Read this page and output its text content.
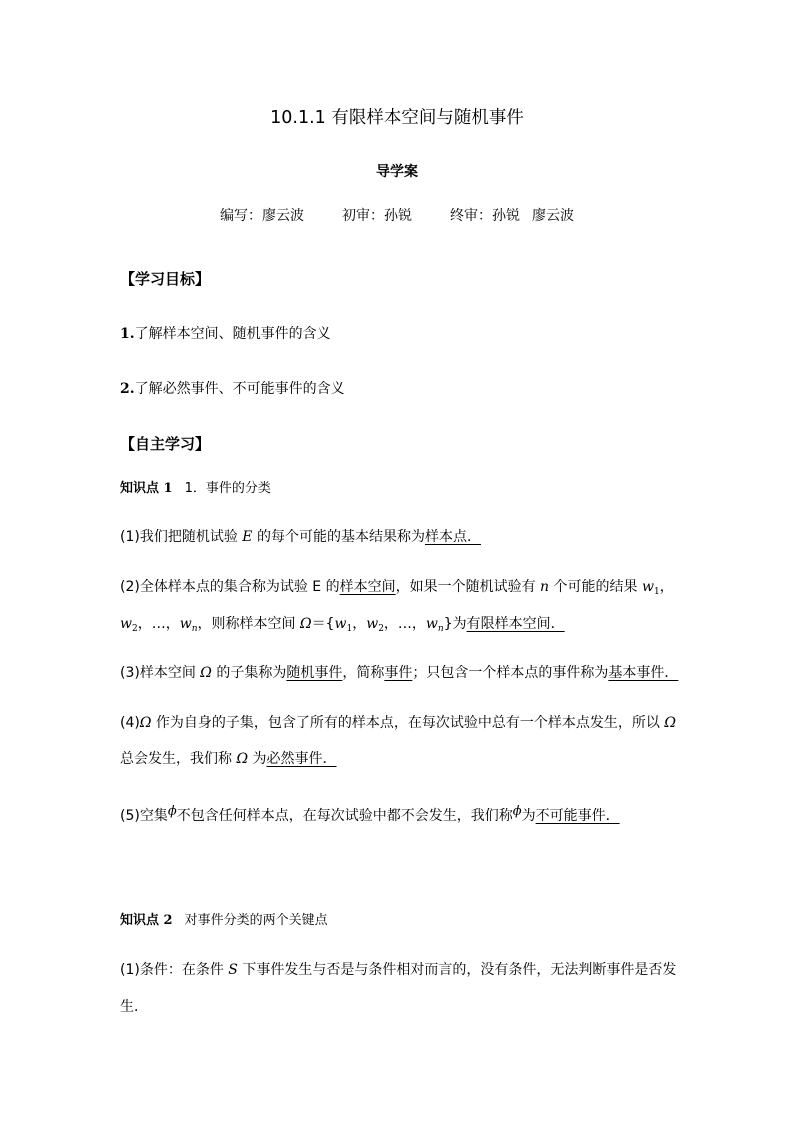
10.1.1 有限样本空间与随机事件
导学案
编写：廖云波	初审：孙锐	终审：孙锐 廖云波
【学习目标】
1.了解样本空间、随机事件的含义
2.了解必然事件、不可能事件的含义
【自主学习】
知识点 1 1．事件的分类
(1)我们把随机试验 E 的每个可能的基本结果称为样本点．
(2)全体样本点的集合称为试验 E 的样本空间，如果一个随机试验有 n 个可能的结果 $w_1$，
$w_2$，…，$w_n$，则称样本空间 $\Omega=\{w_1$，$w_2$，…，$w_n$}为有限样本空间．
(3)样本空间 Ω 的子集称为随机事件，简称事件；只包含一个样本点的事件称为基本事件．
(4)Ω 作为自身的子集，包含了所有的样本点，在每次试验中总有一个样本点发生，所以 Ω
总会发生，我们称 Ω 为必然事件．
(5)空集ϕ不包含任何样本点，在每次试验中都不会发生，我们称ϕ为不可能事件．
知识点 2 对事件分类的两个关键点
(1)条件：在条件 S 下事件发生与否是与条件相对而言的，没有条件，无法判断事件是否发
生．
